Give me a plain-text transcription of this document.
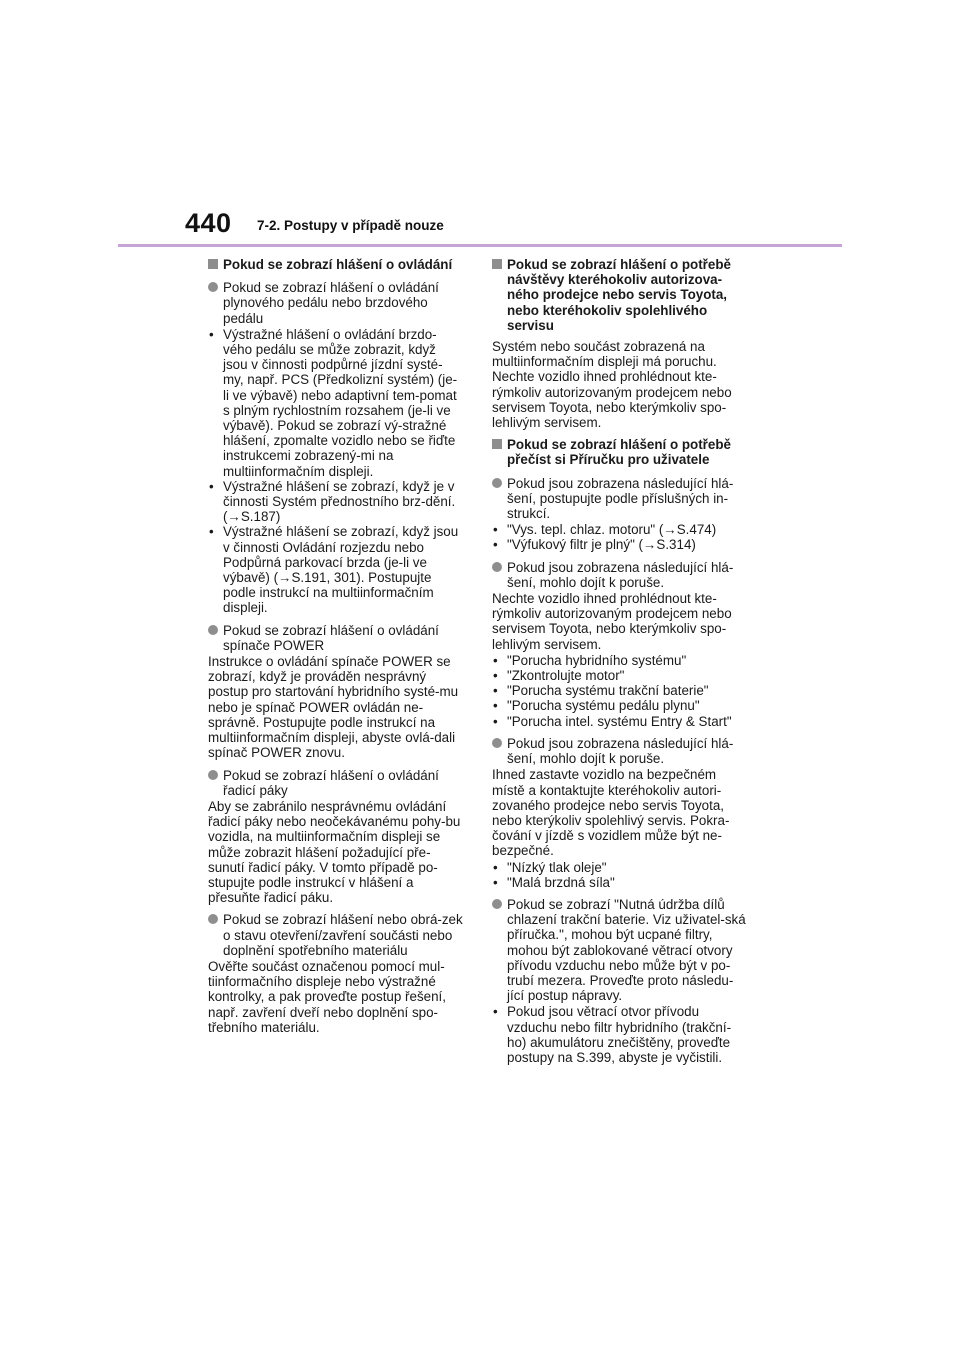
440 7-2. Postupy v případě nouze
Pokud se zobrazí hlášení o ovládání
Pokud se zobrazí hlášení o ovládání plynového pedálu nebo brzdového pedálu
• Výstražné hlášení o ovládání brzdo-vého pedálu se může zobrazit, když jsou v činnosti podpůrné jízdní systé-my, např. PCS (Předkolizní systém) (je-li ve výbavě) nebo adaptivní tem-pomat s plným rychlostním rozsahem (je-li ve výbavě). Pokud se zobrazí vý-stražné hlášení, zpomalte vozidlo nebo se řiďte instrukcemi zobrazený-mi na multiinformačním displeji.
• Výstražné hlášení se zobrazí, když je v činnosti Systém přednostního brz-dění. (→S.187)
• Výstražné hlášení se zobrazí, když jsou v činnosti Ovládání rozjezdu nebo Podpůrná parkovací brzda (je-li ve výbavě) (→S.191, 301). Postupujte podle instrukcí na multiinformačním displeji.
Pokud se zobrazí hlášení o ovládání spínače POWER
Instrukce o ovládání spínače POWER se zobrazí, když je prováděn nesprávný postup pro startování hybridního systé-mu nebo je spínač POWER ovládán ne-správně. Postupujte podle instrukcí na multiinformačním displeji, abyste ovlá-dali spínač POWER znovu.
Pokud se zobrazí hlášení o ovládání řadicí páky
Aby se zabránilo nesprávnému ovládání řadicí páky nebo neočekávanému pohy-bu vozidla, na multiinformačním displeji se může zobrazit hlášení požadující pře-sunutí řadicí páky. V tomto případě po-stupujte podle instrukcí v hlášení a přesuňte řadicí páku.
Pokud se zobrazí hlášení nebo obrá-zek o stavu otevření/zavření součásti nebo doplnění spotřebního materiálu
Ověřte součást označenou pomocí mul-tiinformačního displeje nebo výstražné kontrolky, a pak proveďte postup řešení, např. zavření dveří nebo doplnění spo-třebního materiálu.
Pokud se zobrazí hlášení o potřebě návštěvy kteréhokoliv autorizova-ného prodejce nebo servis Toyota, nebo kteréhokoliv spolehlivého servisu
Systém nebo součást zobrazená na multiinformačním displeji má poruchu. Nechte vozidlo ihned prohlédnout kte-rýmkoliv autorizovaným prodejcem nebo servisem Toyota, nebo kterýmkoliv spo-lehlivým servisem.
Pokud se zobrazí hlášení o potřebě přečíst si Příručku pro uživatele
Pokud jsou zobrazena následující hlá-šení, postupujte podle příslušných in-strukcí.
• "Vys. tepl. chlaz. motoru" (→S.474)
• "Výfukový filtr je plný" (→S.314)
Pokud jsou zobrazena následující hlá-šení, mohlo dojít k poruše.
Nechte vozidlo ihned prohlédnout kte-rýmkoliv autorizovaným prodejcem nebo servisem Toyota, nebo kterýmkoliv spo-lehlivým servisem.
• "Porucha hybridního systému"
• "Zkontrolujte motor"
• "Porucha systému trakční baterie"
• "Porucha systému pedálu plynu"
• "Porucha intel. systému Entry & Start"
Pokud jsou zobrazena následující hlá-šení, mohlo dojít k poruše.
Ihned zastavte vozidlo na bezpečném místě a kontaktujte kteréhokoliv autori-zovaného prodejce nebo servis Toyota, nebo kterýkoliv spolehlivý servis. Pokra-čování v jízdě s vozidlem může být ne-bezpečné.
• "Nízký tlak oleje"
• "Malá brzdná síla"
Pokud se zobrazí "Nutná údržba dílů chlazení trakční baterie. Viz uživatel-ská příručka.", mohou být ucpané filtry, mohou být zablokované větrací otvory přívodu vzduchu nebo může být v po-trubí mezera. Proveďte proto následu-jící postup nápravy.
• Pokud jsou větrací otvor přívodu vzduchu nebo filtr hybridního (trakční-ho) akumulátoru znečištěny, proveďte postupy na S.399, abyste je vyčistili.
